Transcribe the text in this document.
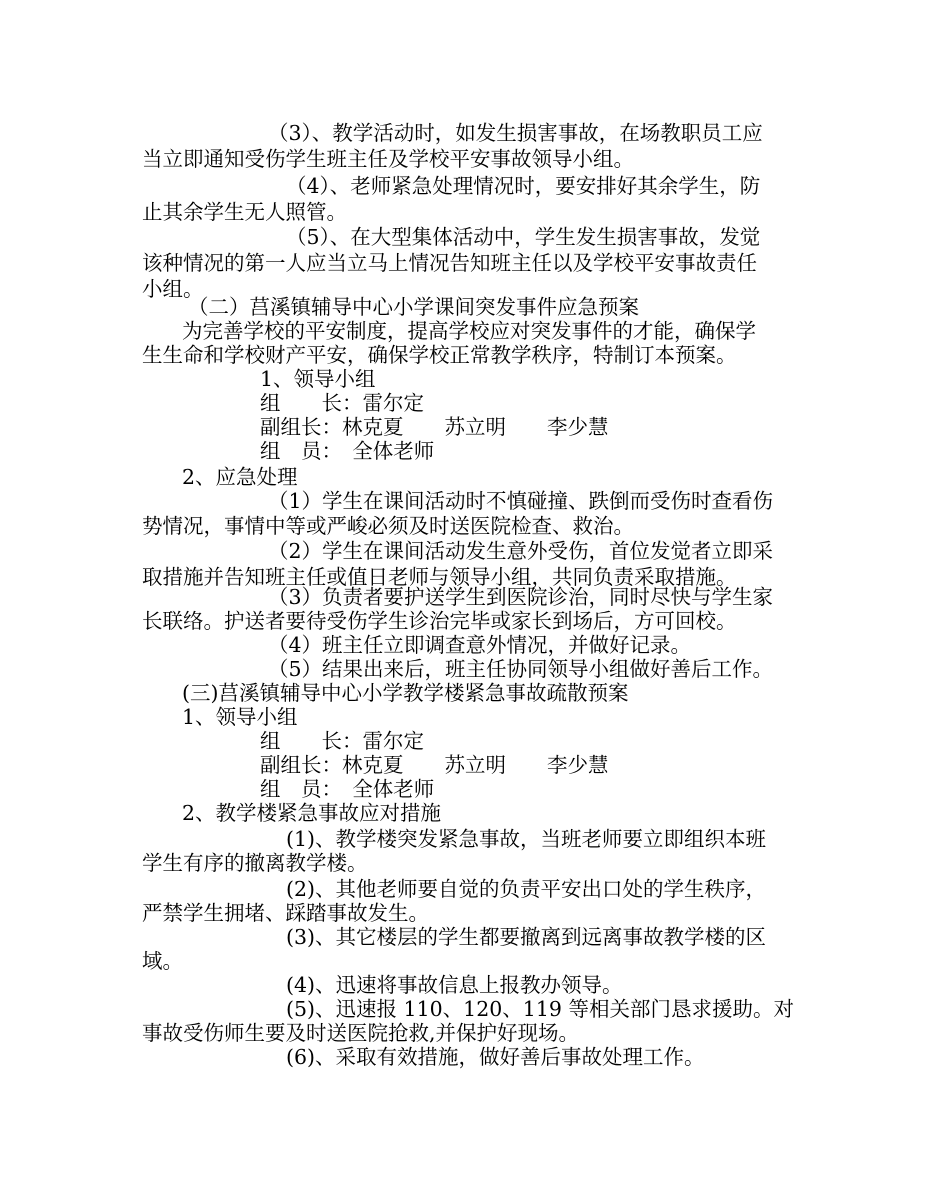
（3）、教学活动时，如发生损害事故，在场教职员工应
当立即通知受伤学生班主任及学校平安事故领导小组。
（4）、老师紧急处理情况时，要安排好其余学生，防
止其余学生无人照管。
（5）、在大型集体活动中，学生发生损害事故，发觉
该种情况的第一人应当立马上情况告知班主任以及学校平安事故责任
小组。
（二）莒溪镇辅导中心小学课间突发事件应急预案
为完善学校的平安制度，提高学校应对突发事件的才能，确保学
生生命和学校财产平安，确保学校正常教学秩序，特制订本预案。
1、领导小组
组　　长：雷尔定
副组长：林克夏　　苏立明　　李少慧
组　员：　全体老师
2、应急处理
（1）学生在课间活动时不慎碰撞、跌倒而受伤时查看伤
势情况，事情中等或严峻必须及时送医院检查、救治。
（2）学生在课间活动发生意外受伤，首位发觉者立即采
取措施并告知班主任或值日老师与领导小组，共同负责采取措施。
（3）负责者要护送学生到医院诊治，同时尽快与学生家
长联络。护送者要待受伤学生诊治完毕或家长到场后，方可回校。
（4）班主任立即调查意外情况，并做好记录。
（5）结果出来后，班主任协同领导小组做好善后工作。
(三)莒溪镇辅导中心小学教学楼紧急事故疏散预案
1、领导小组
组　　长：雷尔定
副组长：林克夏　　苏立明　　李少慧
组　员：　全体老师
2、教学楼紧急事故应对措施
(1)、教学楼突发紧急事故，当班老师要立即组织本班
学生有序的撤离教学楼。
(2)、其他老师要自觉的负责平安出口处的学生秩序，
严禁学生拥堵、踩踏事故发生。
(3)、其它楼层的学生都要撤离到远离事故教学楼的区
域。
(4)、迅速将事故信息上报教办领导。
(5)、迅速报 110、120、119 等相关部门恳求援助。对
事故受伤师生要及时送医院抢救,并保护好现场。
(6)、采取有效措施，做好善后事故处理工作。
